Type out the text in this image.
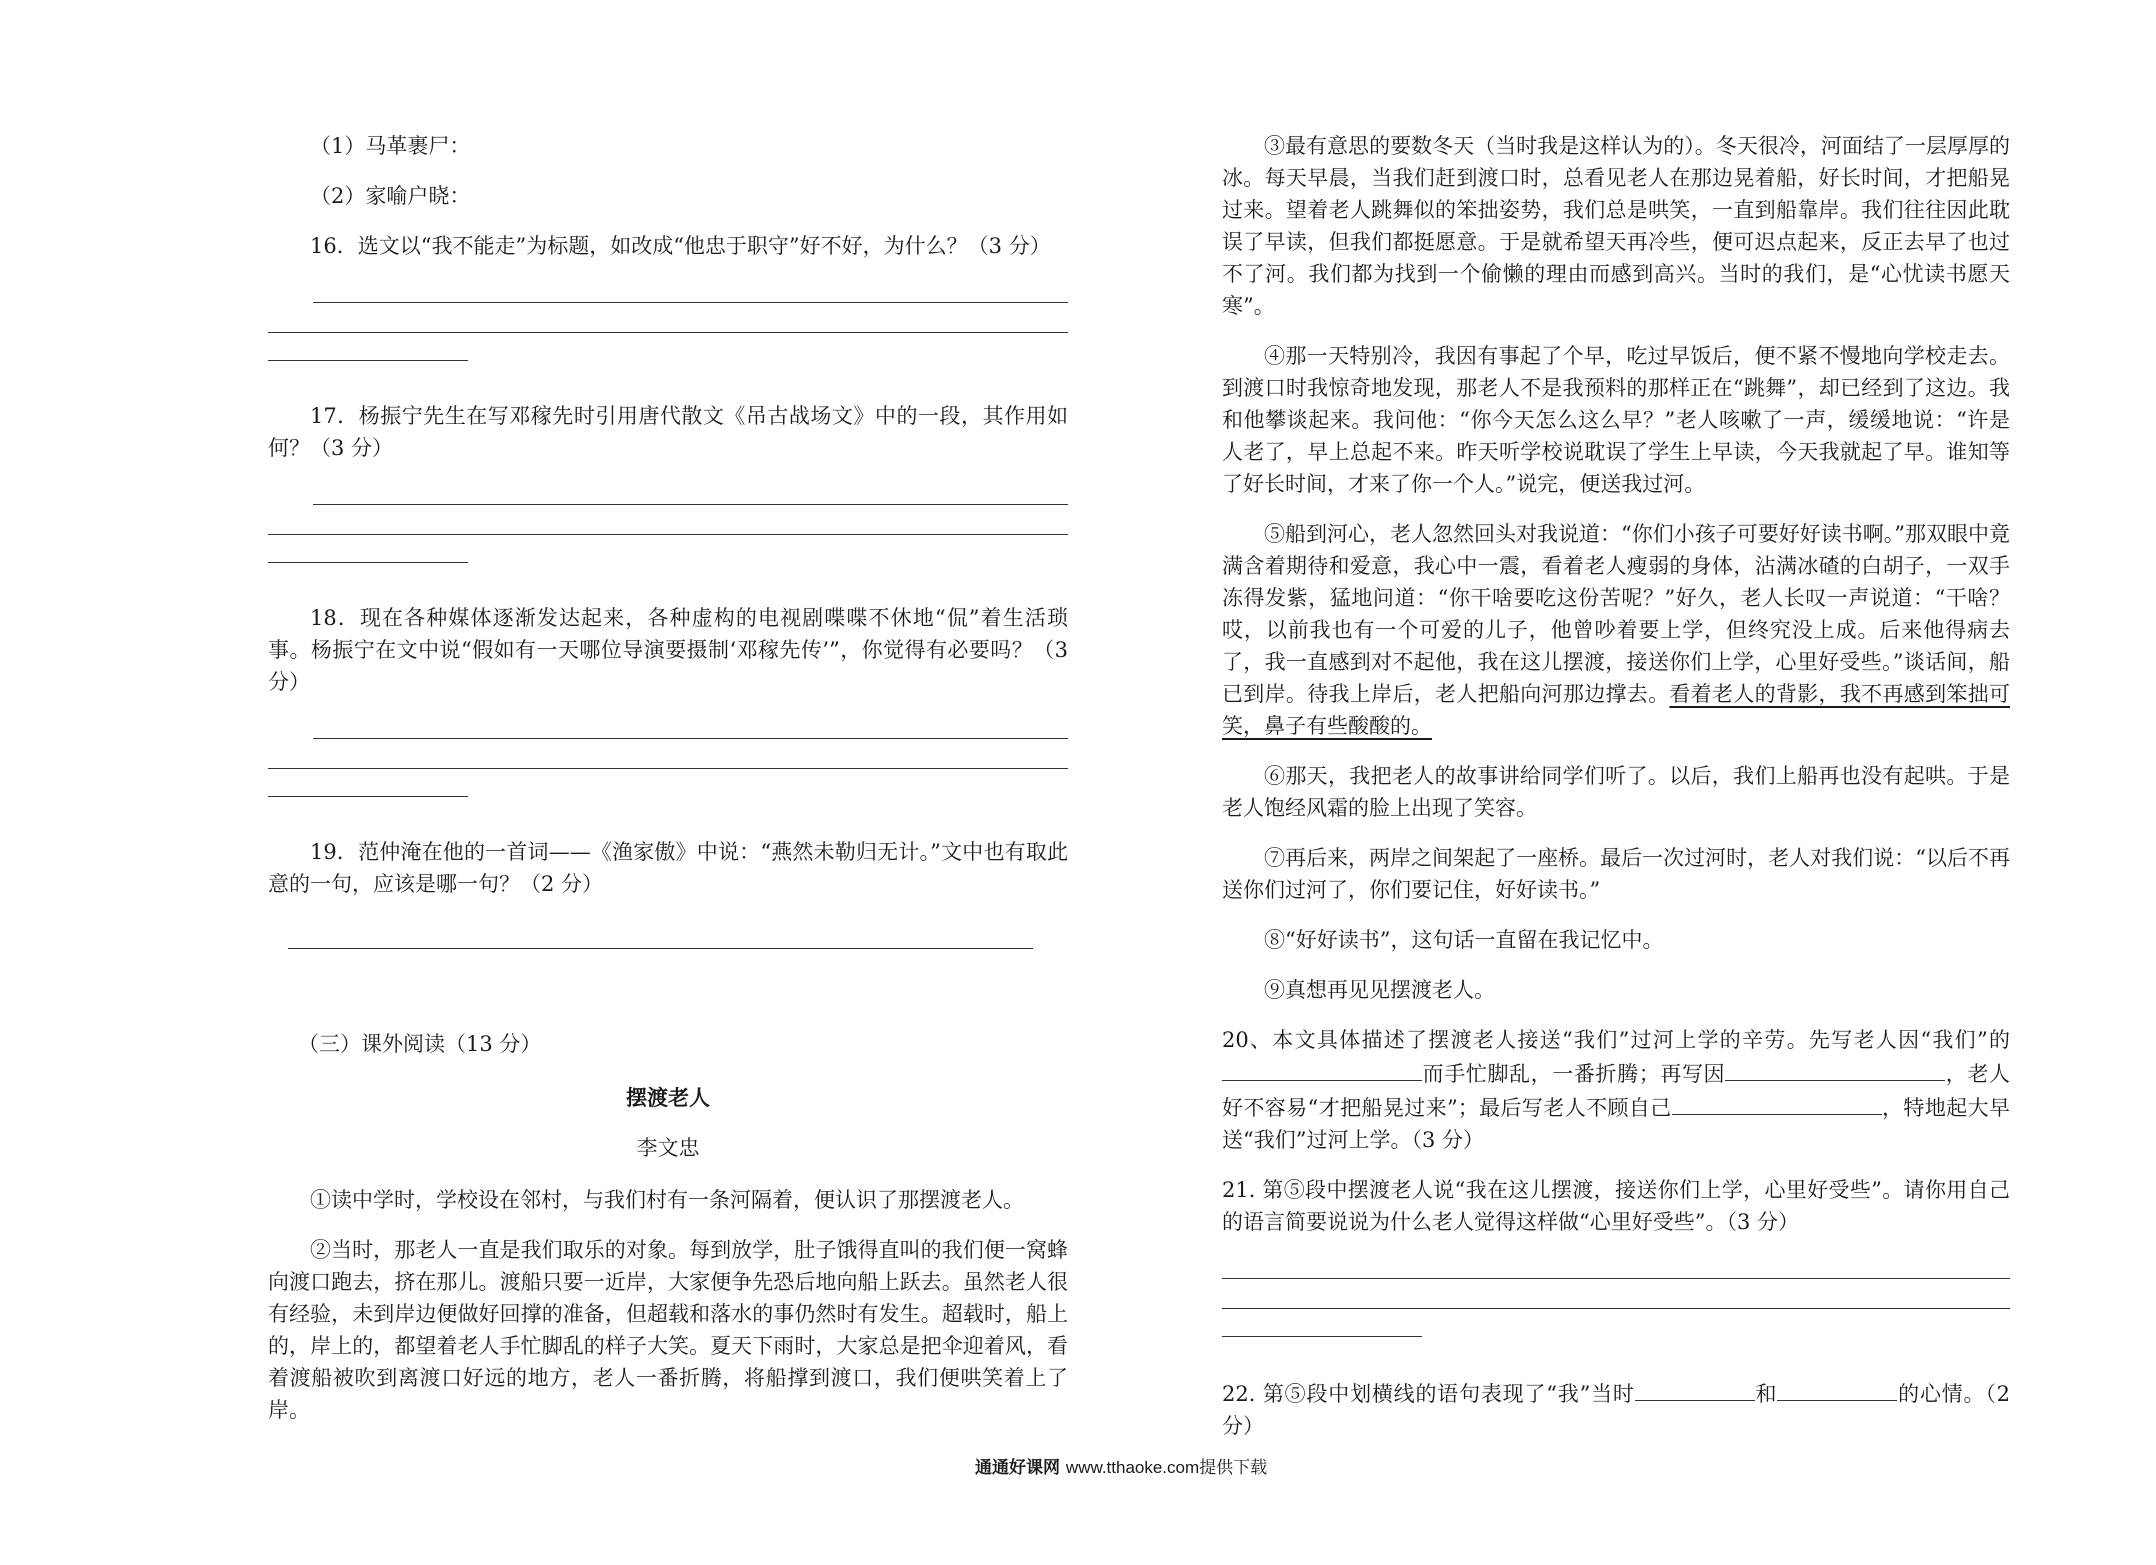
（1）马革裹尸：

（2）家喻户晓：

16．选文以“我不能走”为标题，如改成“他忠于职守”好不好，为什么？（3 分）

17．杨振宁先生在写邓稼先时引用唐代散文《吊古战场文》中的一段，其作用如何？（3 分）

18．现在各种媒体逐渐发达起来，各种虚构的电视剧喋喋不休地“侃”着生活琐事。杨振宁在文中说“假如有一天哪位导演要摄制‘邓稼先传’”，你觉得有必要吗？（3 分）

19．范仲淹在他的一首词——《渔家傲》中说：“燕然未勒归无计。”文中也有取此意的一句，应该是哪一句？（2 分）

（三）课外阅读（13 分）

摆渡老人

李文忠

①读中学时，学校设在邻村，与我们村有一条河隔着，便认识了那摆渡老人。

②当时，那老人一直是我们取乐的对象。每到放学，肚子饿得直叫的我们便一窝蜂向渡口跑去，挤在那儿。渡船只要一近岸，大家便争先恐后地向船上跃去。虽然老人很有经验，未到岸边便做好回撑的准备，但超载和落水的事仍然时有发生。超载时，船上的，岸上的，都望着老人手忙脚乱的样子大笑。夏天下雨时，大家总是把伞迎着风，看着渡船被吹到离渡口好远的地方，老人一番折腾，将船撑到渡口，我们便哄笑着上了岸。

③最有意思的要数冬天（当时我是这样认为的）。冬天很冷，河面结了一层厚厚的冰。每天早晨，当我们赶到渡口时，总看见老人在那边晃着船，好长时间，才把船晃过来。望着老人跳舞似的笨拙姿势，我们总是哄笑，一直到船靠岸。我们往往因此耽误了早读，但我们都挺愿意。于是就希望天再冷些，便可迟点起来，反正去早了也过不了河。我们都为找到一个偷懒的理由而感到高兴。当时的我们，是“心忧读书愿天寒”。

④那一天特别冷，我因有事起了个早，吃过早饭后，便不紧不慢地向学校走去。到渡口时我惊奇地发现，那老人不是我预料的那样正在“跳舞”，却已经到了这边。我和他攀谈起来。我问他：“你今天怎么这么早？”老人咳嗽了一声，缓缓地说：“许是人老了，早上总起不来。昨天听学校说耽误了学生上早读，今天我就起了早。谁知等了好长时间，才来了你一个人。”说完，便送我过河。

⑤船到河心，老人忽然回头对我说道：“你们小孩子可要好好读书啊。”那双眼中竟满含着期待和爱意，我心中一震，看着老人瘦弱的身体，沾满冰碴的白胡子，一双手冻得发紫，猛地问道：“你干啥要吃这份苦呢？”好久，老人长叹一声说道：“干啥？哎，以前我也有一个可爱的儿子，他曾吵着要上学，但终究没上成。后来他得病去了，我一直感到对不起他，我在这儿摆渡，接送你们上学，心里好受些。”谈话间，船已到岸。待我上岸后，老人把船向河那边撑去。看着老人的背影，我不再感到笨拙可笑，鼻子有些酸酸的。

⑥那天，我把老人的故事讲给同学们听了。以后，我们上船再也没有起哄。于是老人饱经风霜的脸上出现了笑容。

⑦再后来，两岸之间架起了一座桥。最后一次过河时，老人对我们说：“以后不再送你们过河了，你们要记住，好好读书。”

⑧“好好读书”，这句话一直留在我记忆中。

⑨真想再见见摆渡老人。

20、本文具体描述了摆渡老人接送“我们”过河上学的辛劳。先写老人因“我们”的而手忙脚乱，一番折腾；再写因	，老人好不容易“才把船晃过来”；最后写老人不顾自己	，特地起大早送“我们”过河上学。（3 分）

21. 第⑤段中摆渡老人说“我在这儿摆渡，接送你们上学，心里好受些”。请你用自己的语言简要说说为什么老人觉得这样做“心里好受些”。（3 分）

22. 第⑤段中划横线的语句表现了“我”当时	和	的心情。（2 分）

通通好课网 www.tthaoke.com提供下载
